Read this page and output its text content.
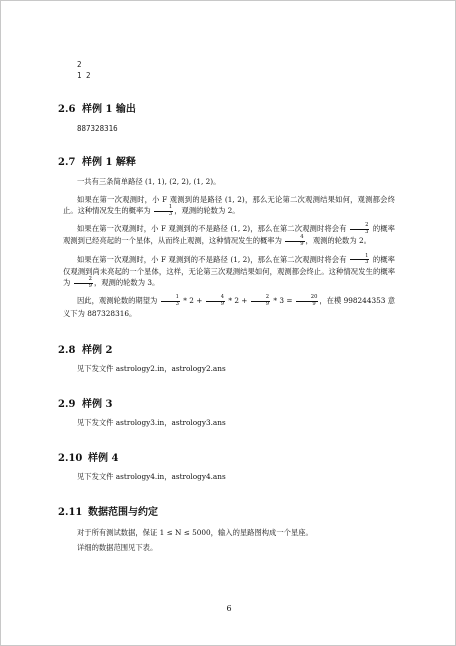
2
1 2
2.6 样例 1 输出
887328316
2.7 样例 1 解释

一共有三条简单路径 (1, 1), (2, 2), (1, 2)。

如果在第一次观测时，小 F 观测到的是路径 (1, 2)，那么无论第二次观测结果如何，观测都会终止。这种情况发生的概率为 $\frac{1}{3}$ ，观测的轮数为 2。

如果在第一次观测时，小 F 观测到的不是路径 (1, 2)，那么在第二次观测时将会有 $\frac{2}{3}$ 的概率观测到已经亮起的一个星体，从而终止观测，这种情况发生的概率为 $\frac{4}{9}$ ，观测的轮数为 2。

如果在第一次观测时，小 F 观测到的不是路径 (1, 2)，那么在第二次观测时将会有 $\frac{1}{3}$ 的概率仅观测到尚未亮起的一个星体，这样，无论第三次观测结果如何，观测都会终止。这种情况发生的概率为 $\frac{2}{9}$ ，观测的轮数为 3。

因此，观测轮数的期望为 $\frac{1}{3} * 2 + \frac{4}{9} * 2 + \frac{2}{9} * 3 = \frac{20}{9}$ ，在模 998244353 意义下为 887328316。

2.8 样例 2

见下发文件 astrology2.in，astrology2.ans

2.9 样例 3

见下发文件 astrology3.in，astrology3.ans

2.10 样例 4

见下发文件 astrology4.in，astrology4.ans

2.11 数据范围与约定

对于所有测试数据，保证 1 ≤ N ≤ 5000，输入的星路图构成一个星座。

详细的数据范围见下表。

6
